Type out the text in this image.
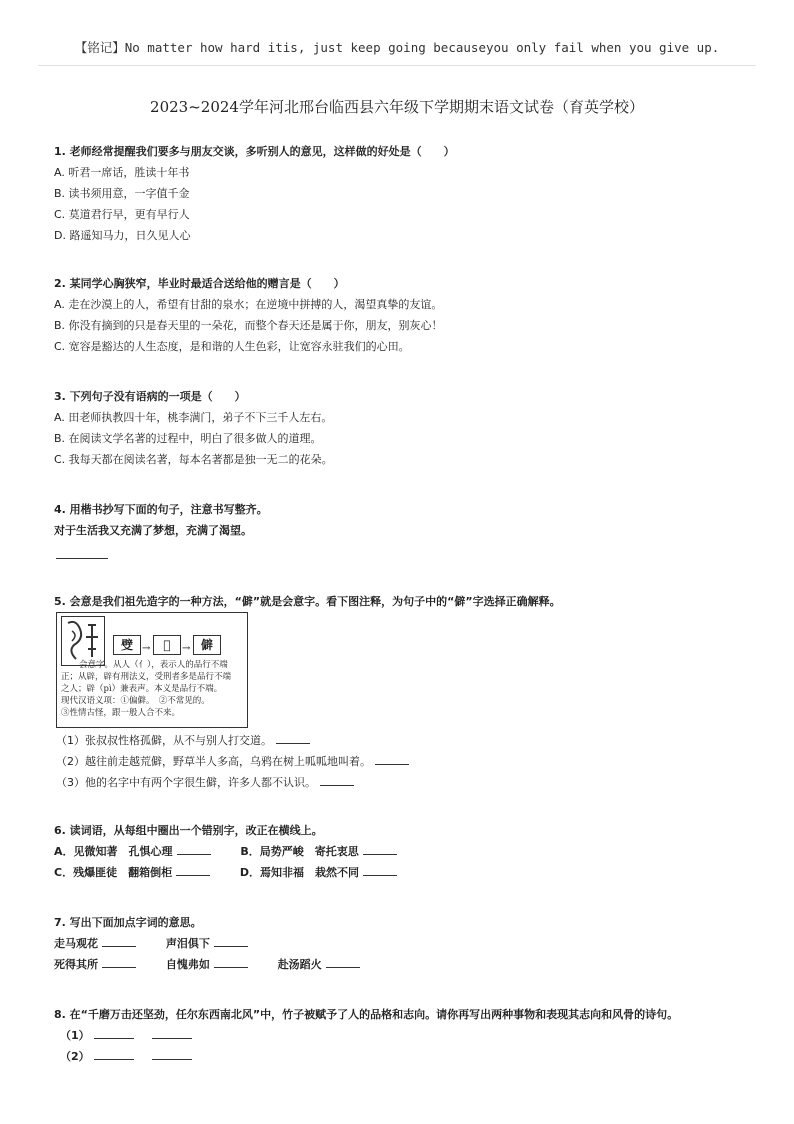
【铭记】No matter how hard itis, just keep going becauseyou only fail when you give up.
2023~2024学年河北邢台临西县六年级下学期期末语文试卷（育英学校）
1. 老师经常提醒我们要多与朋友交谈，多听别人的意见，这样做的好处是（　　）
A. 听君一席话，胜读十年书
B. 读书须用意，一字值千金
C. 莫道君行早，更有早行人
D. 路遥知马力，日久见人心
2. 某同学心胸狭窄，毕业时最适合送给他的赠言是（　　）
A. 走在沙漠上的人，希望有甘甜的泉水；在逆境中拼搏的人，渴望真挚的友谊。
B. 你没有摘到的只是春天里的一朵花，而整个春天还是属于你，朋友，别灰心！
C. 宽容是豁达的人生态度，是和谐的人生色彩，让宽容永驻我们的心田。
3. 下列句子没有语病的一项是（　　）
A. 田老师执教四十年，桃李满门，弟子不下三千人左右。
B. 在阅读文学名著的过程中，明白了很多做人的道理。
C. 我每天都在阅读名著，每本名著都是独一无二的花朵。
4. 用楷书抄写下面的句子，注意书写整齐。
对于生活我又充满了梦想，充满了渴望。
5. 会意是我们祖先造字的一种方法，“僻”就是会意字。看下图注释，为句子中的“僻”字选择正确解释。
䢃 →	𠇣	→ 僻
会意字。从人（亻），表示人的品行不端
正；从辟，辟有刑法义，受刑者多是品行不端
之人；辟（pì）兼表声。本义是品行不端。
现代汉语义项：①偏僻。　②不常见的。
③性情古怪，跟一般人合不来。
（1）张叔叔性格孤僻，从不与别人打交道。
（2）越往前走越荒僻，野草半人多高，乌鸦在树上呱呱地叫着。
（3）他的名字中有两个字很生僻，许多人都不认识。
6. 读词语，从每组中圈出一个错别字，改正在横线上。
A．见微知著　孔惧心理	B．局势严峻　寄托衷思
C．残爆匪徒　翻箱倒柜	D．焉知非福　栽然不同
7. 写出下面加点字词的意思。
走马观花	声泪俱下
死得其所	自愧弗如	赴汤蹈火
8. 在“千磨万击还坚劲，任尔东西南北风”中，竹子被赋予了人的品格和志向。请你再写出两种事物和表现其志向和风骨的诗句。
（1）
（2）
